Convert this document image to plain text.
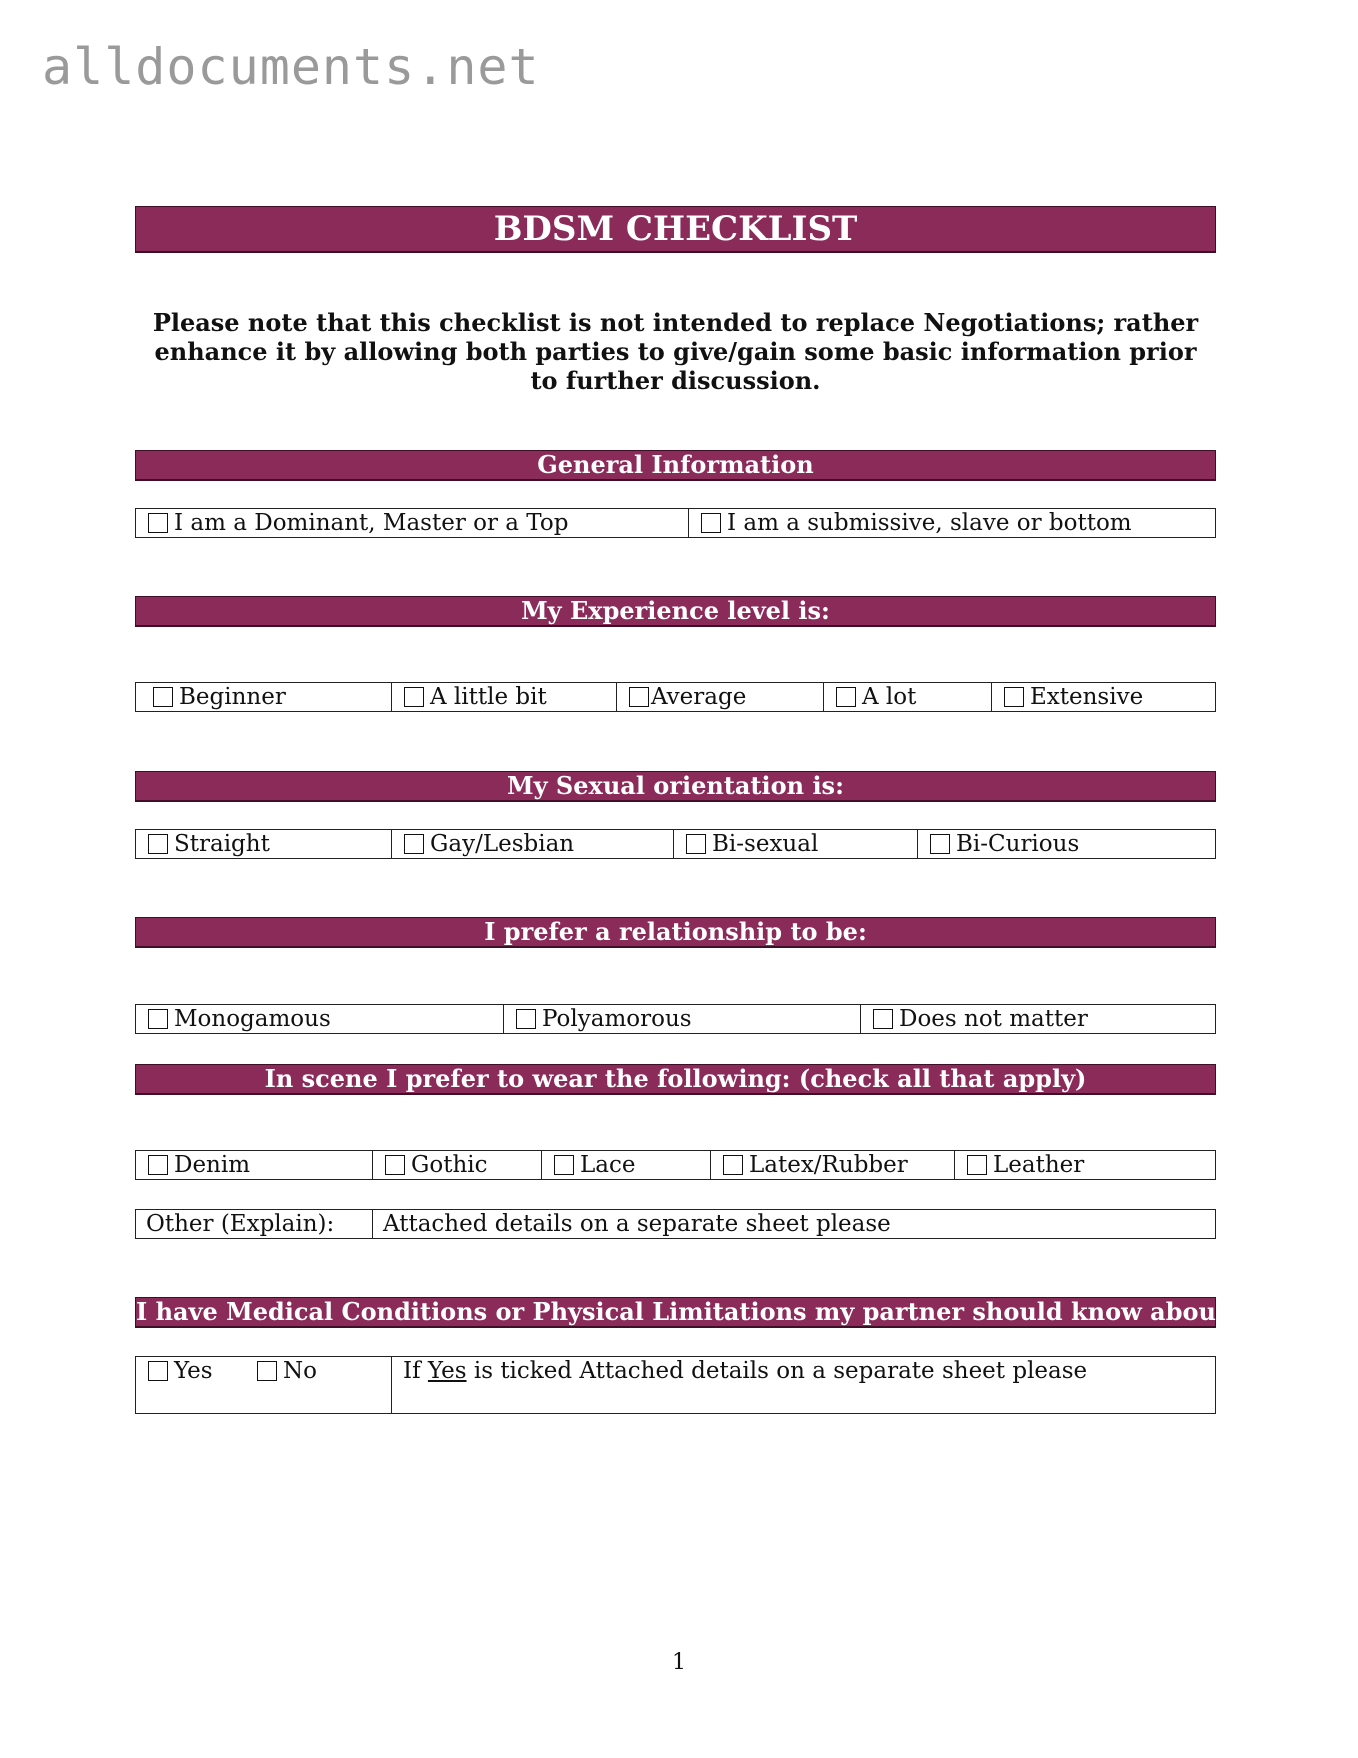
alldocuments.net
BDSM CHECKLIST
Please note that this checklist is not intended to replace Negotiations; rather enhance it by allowing both parties to give/gain some basic information prior to further discussion.
General Information
I am a Dominant, Master or a Top	I am a submissive, slave or bottom
My Experience level is:
Beginner	A little bit	Average	A lot	Extensive
My Sexual orientation is:
Straight	Gay/Lesbian	Bi-sexual	Bi-Curious
I prefer a relationship to be:
Monogamous	Polyamorous	Does not matter
In scene I prefer to wear the following: (check all that apply)
Denim	Gothic	Lace	Latex/Rubber	Leather
Other (Explain):	Attached details on a separate sheet please
I have Medical Conditions or Physical Limitations my partner should know about
Yes	No	If Yes is ticked Attached details on a separate sheet please
1
